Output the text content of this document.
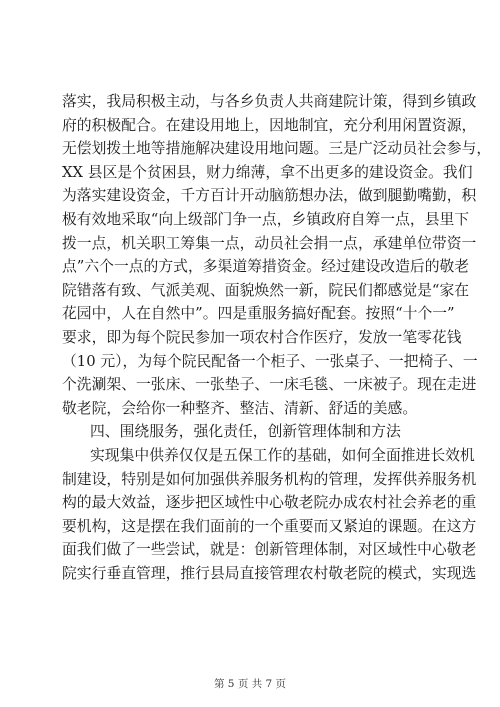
落实，我局积极主动，与各乡负责人共商建院计策，得到乡镇政
府的积极配合。在建设用地上，因地制宜，充分利用闲置资源，
无偿划拨土地等措施解决建设用地问题。三是广泛动员社会参与，
XX 县区是个贫困县，财力绵薄，拿不出更多的建设资金。我们
为落实建设资金，千方百计开动脑筋想办法，做到腿勤嘴勤，积
极有效地采取“向上级部门争一点，乡镇政府自筹一点，县里下
拨一点，机关职工筹集一点，动员社会捐一点，承建单位带资一
点”六个一点的方式，多渠道筹措资金。经过建设改造后的敬老
院错落有致、气派美观、面貌焕然一新，院民们都感觉是“家在
花园中，人在自然中”。四是重服务搞好配套。按照“十个一”
要求，即为每个院民参加一项农村合作医疗，发放一笔零花钱
（10 元），为每个院民配备一个柜子、一张桌子、一把椅子、一
个洗涮架、一张床、一张垫子、一床毛毯、一床被子。现在走进
敬老院，会给你一种整齐、整洁、清新、舒适的美感。
四、围绕服务，强化责任，创新管理体制和方法
实现集中供养仅仅是五保工作的基础，如何全面推进长效机
制建设，特别是如何加强供养服务机构的管理，发挥供养服务机
构的最大效益，逐步把区域性中心敬老院办成农村社会养老的重
要机构，这是摆在我们面前的一个重要而又紧迫的课题。在这方
面我们做了一些尝试，就是：创新管理体制，对区域性中心敬老
院实行垂直管理，推行县局直接管理农村敬老院的模式，实现选
第 5 页 共 7 页
